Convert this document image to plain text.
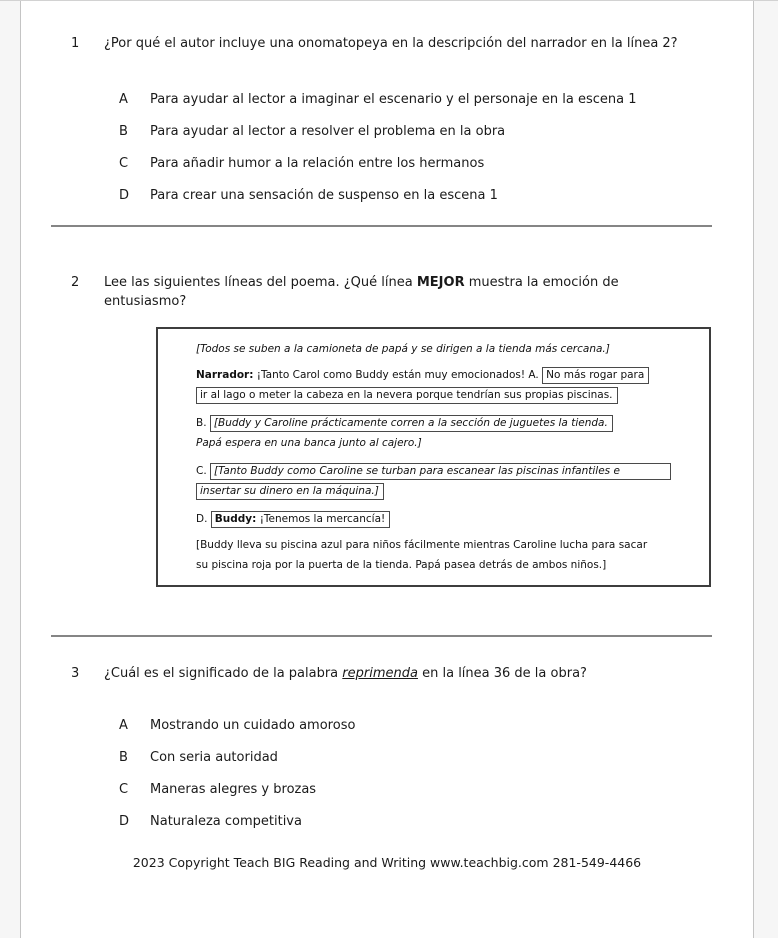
1	¿Por qué el autor incluye una onomatopeya en la descripción del narrador en la línea 2?
A	Para ayudar al lector a imaginar el escenario y el personaje en la escena 1
B	Para ayudar al lector a resolver el problema en la obra
C	Para añadir humor a la relación entre los hermanos
D	Para crear una sensación de suspenso en la escena 1
2	Lee las siguientes líneas del poema. ¿Qué línea MEJOR muestra la emoción de entusiasmo?
[Todos se suben a la camioneta de papá y se dirigen a la tienda más cercana.]
Narrador: ¡Tanto Carol como Buddy están muy emocionados! A. No más rogar para
ir al lago o meter la cabeza en la nevera porque tendrían sus propias piscinas.
B. [Buddy y Caroline prácticamente corren a la sección de juguetes la tienda.
Papá espera en una banca junto al cajero.]
C. [Tanto Buddy como Caroline se turban para escanear las piscinas infantiles e
insertar su dinero en la máquina.]
D. Buddy: ¡Tenemos la mercancía!
[Buddy lleva su piscina azul para niños fácilmente mientras Caroline lucha para sacar
su piscina roja por la puerta de la tienda. Papá pasea detrás de ambos niños.]
3	¿Cuál es el significado de la palabra reprimenda en la línea 36 de la obra?
A	Mostrando un cuidado amoroso
B	Con seria autoridad
C	Maneras alegres y brozas
D	Naturaleza competitiva
2023 Copyright Teach BIG Reading and Writing www.teachbig.com 281-549-4466
